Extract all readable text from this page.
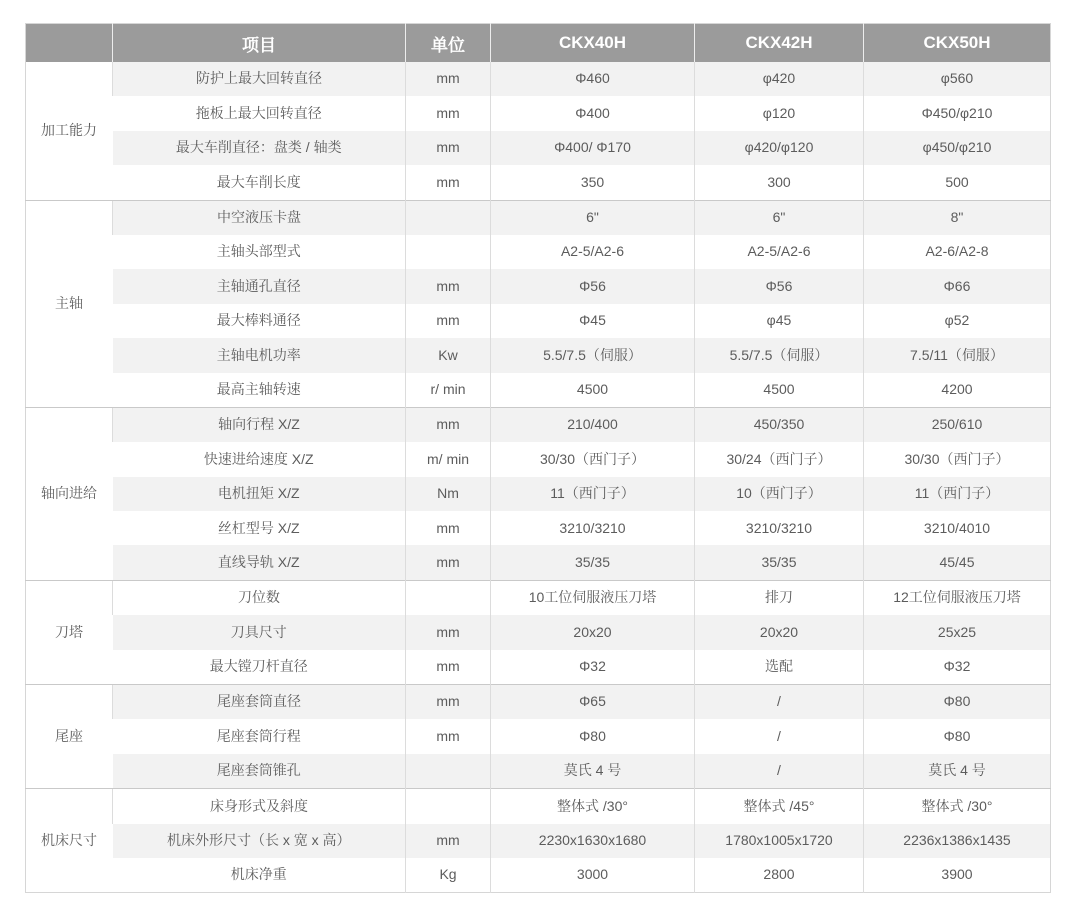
	项目	单位	CKX40H	CKX42H	CKX50H
加工能力	防护上最大回转直径	mm	Φ460	φ420	φ560
	拖板上最大回转直径	mm	Φ400	φ120	Φ450/φ210
	最大车削直径：盘类 / 轴类	mm	Φ400/ Φ170	φ420/φ120	φ450/φ210
	最大车削长度	mm	350	300	500
主轴	中空液压卡盘		6"	6"	8"
	主轴头部型式		A2-5/A2-6	A2-5/A2-6	A2-6/A2-8
	主轴通孔直径	mm	Φ56	Φ56	Φ66
	最大棒料通径	mm	Φ45	φ45	φ52
	主轴电机功率	Kw	5.5/7.5（伺服）	5.5/7.5（伺服）	7.5/11（伺服）
	最高主轴转速	r/ min	4500	4500	4200
轴向进给	轴向行程 X/Z	mm	210/400	450/350	250/610
	快速进给速度 X/Z	m/ min	30/30（西门子）	30/24（西门子）	30/30（西门子）
	电机扭矩 X/Z	Nm	11（西门子）	10（西门子）	11（西门子）
	丝杠型号 X/Z	mm	3210/3210	3210/3210	3210/4010
	直线导轨 X/Z	mm	35/35	35/35	45/45
刀塔	刀位数		10工位伺服液压刀塔	排刀	12工位伺服液压刀塔
	刀具尺寸	mm	20x20	20x20	25x25
	最大镗刀杆直径	mm	Φ32	选配	Φ32
尾座	尾座套筒直径	mm	Φ65	/	Φ80
	尾座套筒行程	mm	Φ80	/	Φ80
	尾座套筒锥孔		莫氏 4 号	/	莫氏 4 号
机床尺寸	床身形式及斜度		整体式 /30°	整体式 /45°	整体式 /30°
	机床外形尺寸（长 x 宽 x 高）	mm	2230x1630x1680	1780x1005x1720	2236x1386x1435
	机床净重	Kg	3000	2800	3900
